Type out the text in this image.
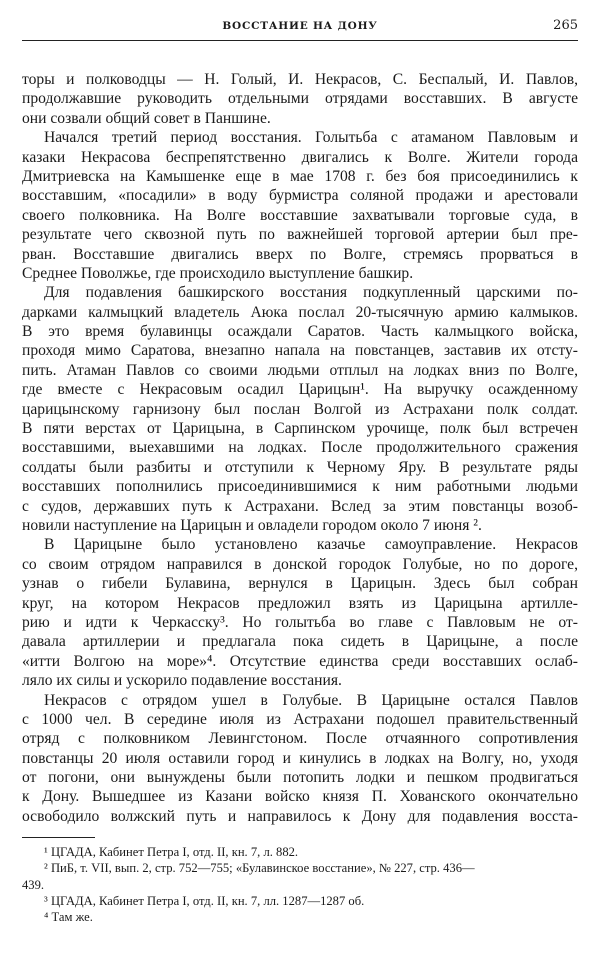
ВОССТАНИЕ НА ДОНУ	265
торы и полководцы — Н. Голый, И. Некрасов, С. Беспалый, И. Павлов,
продолжавшие руководить отдельными отрядами восставших. В августе
они созвали общий совет в Паншине.
Начался третий период восстания. Голытьба с атаманом Павловым и
казаки Некрасова беспрепятственно двигались к Волге. Жители города
Дмитриевска на Камышенке еще в мае 1708 г. без боя присоединились к
восставшим, «посадили» в воду бурмистра соляной продажи и арестовали
своего полковника. На Волге восставшие захватывали торговые суда, в
результате чего сквозной путь по важнейшей торговой артерии был пре-
рван. Восставшие двигались вверх по Волге, стремясь прорваться в
Среднее Поволжье, где происходило выступление башкир.
Для подавления башкирского восстания подкупленный царскими по-
дарками калмыцкий владетель Аюка послал 20-тысячную армию калмыков.
В это время булавинцы осаждали Саратов. Часть калмыцкого войска,
проходя мимо Саратова, внезапно напала на повстанцев, заставив их отсту-
пить. Атаман Павлов со своими людьми отплыл на лодках вниз по Волге,
где вместе с Некрасовым осадил Царицын¹. На выручку осажденному
царицынскому гарнизону был послан Волгой из Астрахани полк солдат.
В пяти верстах от Царицына, в Сарпинском урочище, полк был встречен
восставшими, выехавшими на лодках. После продолжительного сражения
солдаты были разбиты и отступили к Черному Яру. В результате ряды
восставших пополнились присоединившимися к ним работными людьми
с судов, державших путь к Астрахани. Вслед за этим повстанцы возоб-
новили наступление на Царицын и овладели городом около 7 июня ².
В Царицыне было установлено казачье самоуправление. Некрасов
со своим отрядом направился в донской городок Голубые, но по дороге,
узнав о гибели Булавина, вернулся в Царицын. Здесь был собран
круг, на котором Некрасов предложил взять из Царицына артилле-
рию и идти к Черкасску³. Но голытьба во главе с Павловым не от-
давала артиллерии и предлагала пока сидеть в Царицыне, а после
«итти Волгою на море»⁴. Отсутствие единства среди восставших ослаб-
ляло их силы и ускорило подавление восстания.
Некрасов с отрядом ушел в Голубые. В Царицыне остался Павлов
с 1000 чел. В середине июля из Астрахани подошел правительственный
отряд с полковником Левингстоном. После отчаянного сопротивления
повстанцы 20 июля оставили город и кинулись в лодках на Волгу, но, уходя
от погони, они вынуждены были потопить лодки и пешком продвигаться
к Дону. Вышедшее из Казани войско князя П. Хованского окончательно
освободило волжский путь и направилось к Дону для подавления восста-
¹ ЦГАДА, Кабинет Петра I, отд. II, кн. 7, л. 882.
² ПиБ, т. VII, вып. 2, стр. 752—755; «Булавинское восстание», № 227, стр. 436—
439.
³ ЦГАДА, Кабинет Петра I, отд. II, кн. 7, лл. 1287—1287 об.
⁴ Там же.
